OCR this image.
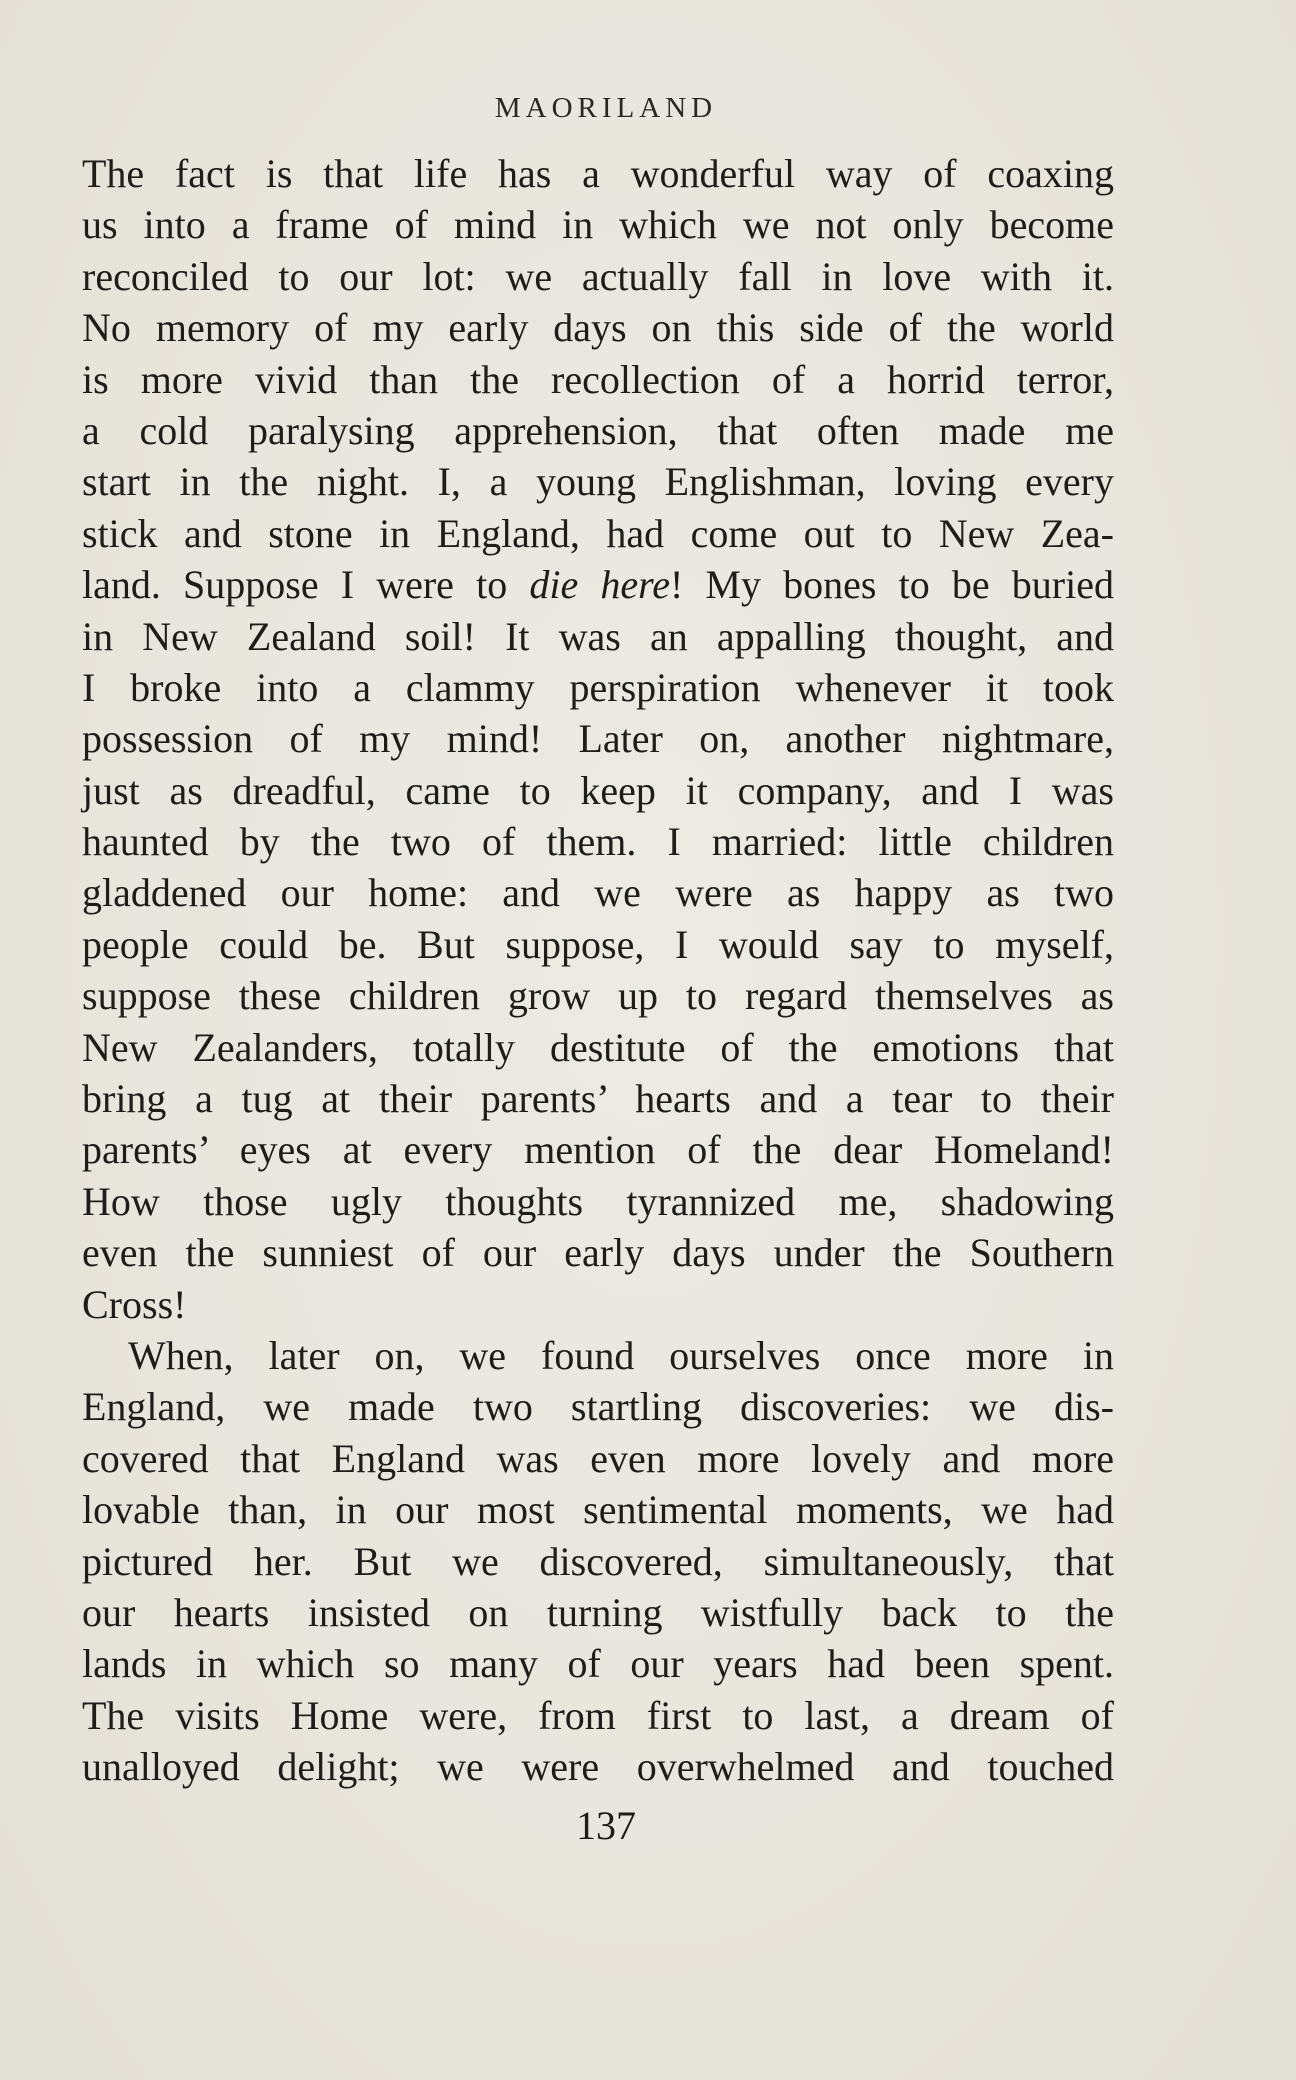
MAORILAND
The fact is that life has a wonderful way of coaxing
us into a frame of mind in which we not only become
reconciled to our lot: we actually fall in love with it.
No memory of my early days on this side of the world
is more vivid than the recollection of a horrid terror,
a cold paralysing apprehension, that often made me
start in the night. I, a young Englishman, loving every
stick and stone in England, had come out to New Zea-
land. Suppose I were to die here! My bones to be buried
in New Zealand soil! It was an appalling thought, and
I broke into a clammy perspiration whenever it took
possession of my mind! Later on, another nightmare,
just as dreadful, came to keep it company, and I was
haunted by the two of them. I married: little children
gladdened our home: and we were as happy as two
people could be. But suppose, I would say to myself,
suppose these children grow up to regard themselves as
New Zealanders, totally destitute of the emotions that
bring a tug at their parents’ hearts and a tear to their
parents’ eyes at every mention of the dear Homeland!
How those ugly thoughts tyrannized me, shadowing
even the sunniest of our early days under the Southern
Cross!
When, later on, we found ourselves once more in
England, we made two startling discoveries: we dis-
covered that England was even more lovely and more
lovable than, in our most sentimental moments, we had
pictured her. But we discovered, simultaneously, that
our hearts insisted on turning wistfully back to the
lands in which so many of our years had been spent.
The visits Home were, from first to last, a dream of
unalloyed delight; we were overwhelmed and touched
137
